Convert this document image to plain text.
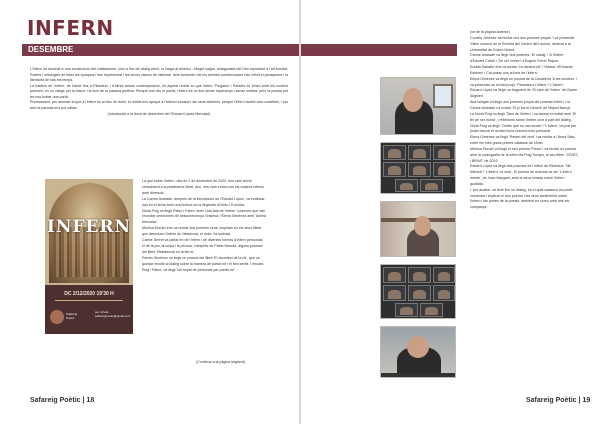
INFERN
DESEMBRE

L'Infern ha fascinat a una construcció del cristianisme, com a lloc de càstig etern, la llarga al diverso –l'àngel caigut, antagonista del Déu repudiant a l'art bondat. Poetes i mitologies de totes les èpoques l'han representat i les seves visions de l'abisme, dels turments i de les ànimes condemnades han influït el pensament i la literatura de tots els temps.

La tradició de l'Infern, de Dante fins a Rimbaud, i d'altres autors contemporanis, en aquest recital en què Infern, Purgatori i Paradís es fonen amb els nostres poemes, en un viatge per la foscor i la llum de la paraula poètica. Perquè com diu el poeta, l'infern és un lloc sense esperança i sense sortida, però la poesia pot fer-nos trobar una porta.

Precisament, per abordar el que a l'infern és un lloc de dolor, el recital ens apropa a l'ànima humana i als seus abismes, perquè l'infern també som nosaltres, i per això la paraula ens pot salvar.

(Introducció a la lluna de desembre del l'Eduard López Mercadé)

INFERN
DC 2/12/2020 19'30 H
Safareig Poètic
per virtual · safareigpoetic@gmail.com

La que sobre l'infern, des de 2 de desembre de 2020, ens vam reunir virtualment a la plataforma Meet. Així, ens vam endur-nos els nostres inferns amb diversos.

La Carme Andrade, després de la introducció de l'Eduard López, va endinsar-nos en el tema amb una lectura de la llegenda d'Orfeu i Eurídice.

Núria Puig va llegir Pablo i Fabre, amb 'Una lata de l'infern' i poemes que van recordar cerimònies de desconeixença i tristesa; l'Elena Giménez amb 'Ànima trencada'.

Mònica Escuer ens va recitar dos poemes seus, inspirats en els seus fillets que descriuen l'infern de l'absència, el dolor i la soledat.

Carme Serret va parlar en de l'infern i de diverses formes d'infern personals, el de la por, la culpa i la pèrdua, i després de Pablo Neruda, alguns poemes del llibre 'Residencia en la tierra'.

Ferran Giménez va llegir un poema del llibre 'El dormitori de la nit', que va quedar recollit al diàleg sobre la manera de parlar-ne i el seu sentit. I encara Puig i Fabre, va llegir 'Un espai de persones per parlar-ne'...

(Continua a la pàgina següent)
Safareig Poètic | 18

(ve de la pàgina anterior)

Conxita Jiménez va recitar uns dos poemes propis. I va presentar l'últim número de la Revista del Centre del Lectors, dedicat a la Universitat de Dolors Nebot.

Carme Andrade va llegir dos poemes: 'El càstig' i 'A l'infern' d'Eduard Cabré i 'De cel i infern' d'Eugeni Ferrer Riquer.

Eulàlia Sabater ens va recitar 'La darrera nit' i 'Vidalia' d'Eduardo Estévez i 'Cal posar-nos al fons de l'infern'.

Elena Giménez va llegir un poema de la Cavallería 'A les cendres' i va presentar un recital propi, 'Paraules a l'infern' i 'L'hivern'.

Eduard López va llegir un fragment de 'El cant de l'infern' del Dante Alighieri.

Ana Isiegas va llegir dos poemes propis del poemari Infern, i la Carme Andrade va contar 'Si jo fos el Dimoni' de Miquel Bauçà.

La Núria Puig va llegir 'Dies de l'infern' i va tancar el recital amb 'El fet de ser humà', i reflexions sobre l'infern com a part del diàleg.

Núria Puig va llegir 'Ocells que no van tornar' i 'L'infern', tot just per poder tancar el recital d'una manera més personal.

Elena Giménez va llegir 'Retorn del vent' i va recitar a l'Anna Sala, entre els més grans poetes catalans de l'Ariel.

Mònica Escuer va llegir el seu poema 'Presó' i va recitar un poema amb la coreografia de la sèrie Ma Puig Torrijos, al seu llibre 'JOVES I BRIVE' de 2019.

Eduard López va llegir dos poemes de l'Infern de Rimbaud, 'Nit infernal' i 'L'infern i la noia'. El poema de cloenda va ser 'L'infern nostre', de Joan Margarit, amb la seva mirada sobre l'infern quotidià.

I, per acabar, va tenir lloc un diàleg, en el qual cadascú va poder comentar i explicar el seu poema i els seus sentiments sobre l'infern i les portes de la poesia, ambient en comú amb tots els companys.

Safareig Poètic | 19
